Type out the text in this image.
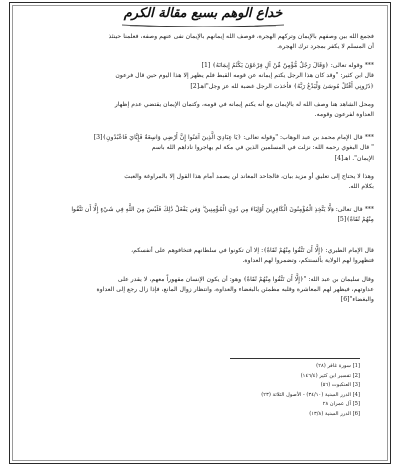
خداع الوهم بسبع مقالة الكرم

فجمع الله بين وصفهم بالإيمان وتركهم الهجرة، فوصف الله إيمانهم بالإيمان نفى عنهم وصفه، فعلمنا حينئذ

أن المسلم لا يكفر بمجرد ترك الهجرة.

*** وقوله تعالى: ﴿وَقَالَ رَجُلٌ مُّؤْمِنٌ مِّنْ آلِ فِرْعَوْنَ يَكْتُمُ إِيمَانَهُ﴾ [1]

قال ابن كثير: "وقد كان هذا الرجل يكتم إيمانه عن قومه القبط فلم يظهر إلا هذا اليوم حين قال فرعون

﴿ذَرُونِي أَقْتُلْ مُوسَىٰ وَلْيَدْعُ رَبَّهُ﴾ فأخذت الرجل غضبة لله عز وجل"اهـ[2]

ومحل الشاهد هنا وصف الله له بالإيمان مع أنه يكتم إيمانه في قومه، وكتمان الإيمان يقتضي عدم إظهار

العداوة لفرعون وقومه.

*** قال الإمام محمد بن عبد الوهاب: "وقوله تعالى: ﴿يَا عِبَادِيَ الَّذِينَ آمَنُوا إِنَّ أَرْضِي وَاسِعَةٌ فَإِيَّايَ فَاعْبُدُونِ﴾[3]

" قال البغوي رحمه الله: نزلت في المسلمين الذين في مكة لم يهاجروا ناداهم الله باسم

الإيمان". اهـ[4]

وهذا لا يحتاج إلى تعليق أو مزيد بيان، فالجاحد المعاند لن يصمد أمام هذا القول إلا بالمراوغة والعبث

بكلام الله.

*** قال تعالى: ﴿لَّا يَتَّخِذِ الْمُؤْمِنُونَ الْكَافِرِينَ أَوْلِيَاءَ مِن دُونِ الْمُؤْمِنِينَ ۖ وَمَن يَفْعَلْ ذَٰلِكَ فَلَيْسَ مِنَ اللَّهِ فِي شَيْءٍ إِلَّا أَن تَتَّقُوا

مِنْهُمْ تُقَاةً﴾[5]

قال الإمام الطبري: ﴿إِلَّا أَن تَتَّقُوا مِنْهُمْ تُقَاةً﴾: إلا أن تكونوا في سلطانهم فتخافوهم على أنفسكم،

فتظهروا لهم الولاية بألسنتكم، وتضمروا لهم العداوة.

وقال سليمان بن عبد الله: "﴿إِلَّا أَن تَتَّقُوا مِنْهُمْ تُقَاةً﴾ وهو: أن يكون الإنسان مقهوراً معهم، لا يقدر على

عداوتهم، فيظهر لهم المعاشرة وقلبه مطمئن بالبغضاء والعداوة، وانتظار زوال المانع، فإذا زال رجع إلى العداوة

والبغضاء"[6]

[1] سورة غافر (٢٨)

[2] تفسير ابن كثير (١٤٦/٤)

[3] العنكبوت (٥٦)

[4] الدرر السنية (٣٤/١٠) - الأصول الثلاثة (٢٣)

[5] آل عمران ٢٨

[6] الدرر السنية (١٣/٨)
